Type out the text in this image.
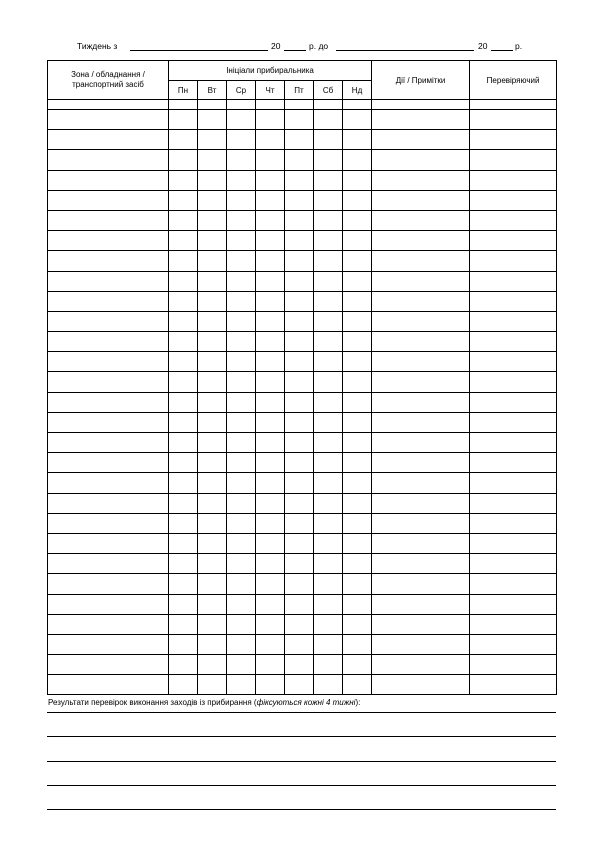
Тиждень з	20	р. до	20	р.
Зона / обладнання / транспортний засіб	Ініціали прибиральника							Дії / Примітки	Перевіряючий
	Пн	Вт	Ср	Чт	Пт	Сб	Нд		

Результати перевірок виконання заходів із прибирання (фіксуються кожні 4 тижні):
